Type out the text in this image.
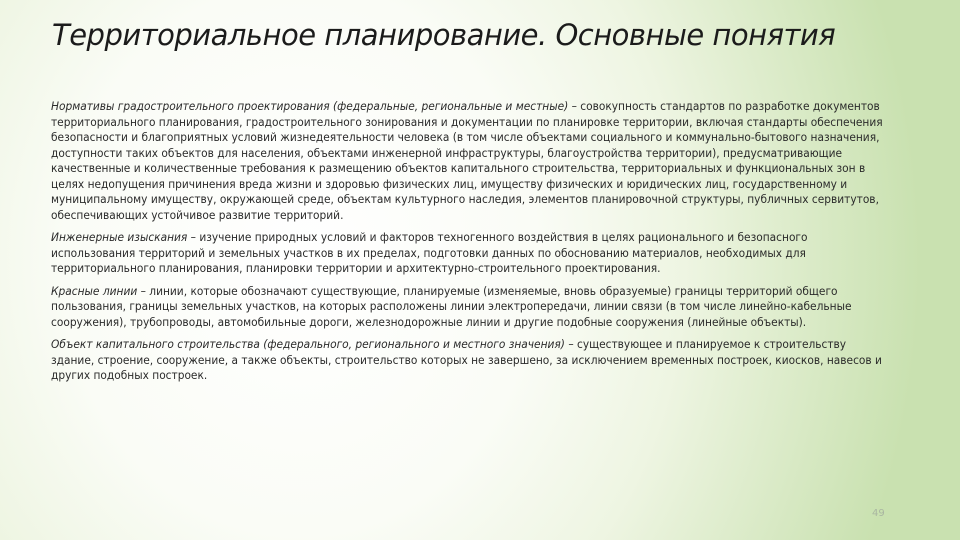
Территориальное планирование. Основные понятия

Нормативы градостроительного проектирования (федеральные, региональные и местные) – совокупность стандартов по разработке документов территориального планирования, градостроительного зонирования и документации по планировке территории, включая стандарты обеспечения безопасности и благоприятных условий жизнедеятельности человека (в том числе объектами социального и коммунально-бытового назначения, доступности таких объектов для населения, объектами инженерной инфраструктуры, благоустройства территории), предусматривающие качественные и количественные требования к размещению объектов капитального строительства, территориальных и функциональных зон в целях недопущения причинения вреда жизни и здоровью физических лиц, имуществу физических и юридических лиц, государственному и муниципальному имуществу, окружающей среде, объектам культурного наследия, элементов планировочной структуры, публичных сервитутов, обеспечивающих устойчивое развитие территорий.

Инженерные изыскания – изучение природных условий и факторов техногенного воздействия в целях рационального и безопасного использования территорий и земельных участков в их пределах, подготовки данных по обоснованию материалов, необходимых для территориального планирования, планировки территории и архитектурно-строительного проектирования.

Красные линии – линии, которые обозначают существующие, планируемые (изменяемые, вновь образуемые) границы территорий общего пользования, границы земельных участков, на которых расположены линии электропередачи, линии связи (в том числе линейно-кабельные сооружения), трубопроводы, автомобильные дороги, железнодорожные линии и другие подобные сооружения (линейные объекты).

Объект капитального строительства (федерального, регионального и местного значения) – существующее и планируемое к строительству здание, строение, сооружение, а также объекты, строительство которых не завершено, за исключением временных построек, киосков, навесов и других подобных построек.

49
